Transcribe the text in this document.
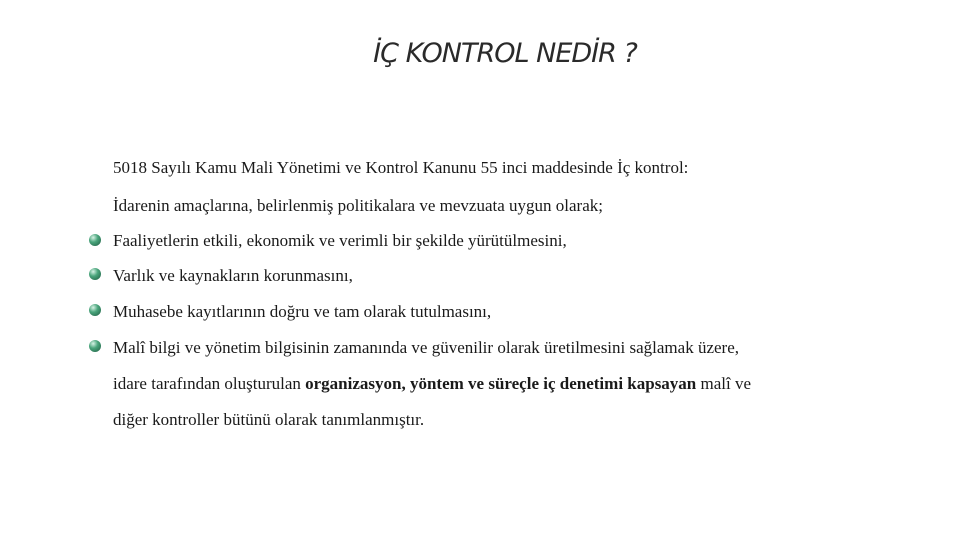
İÇ KONTROL NEDİR ?
5018 Sayılı Kamu Mali Yönetimi ve Kontrol Kanunu 55 inci maddesinde İç kontrol:
İdarenin amaçlarına, belirlenmiş politikalara ve mevzuata uygun olarak;
Faaliyetlerin etkili, ekonomik ve verimli bir şekilde yürütülmesini,
Varlık ve kaynakların korunmasını,
Muhasebe kayıtlarının doğru ve tam olarak tutulmasını,
Malî bilgi ve yönetim bilgisinin zamanında ve güvenilir olarak üretilmesini sağlamak üzere,
idare tarafından oluşturulan organizasyon, yöntem ve süreçle iç denetimi kapsayan malî ve
diğer kontroller bütünü olarak tanımlanmıştır.
